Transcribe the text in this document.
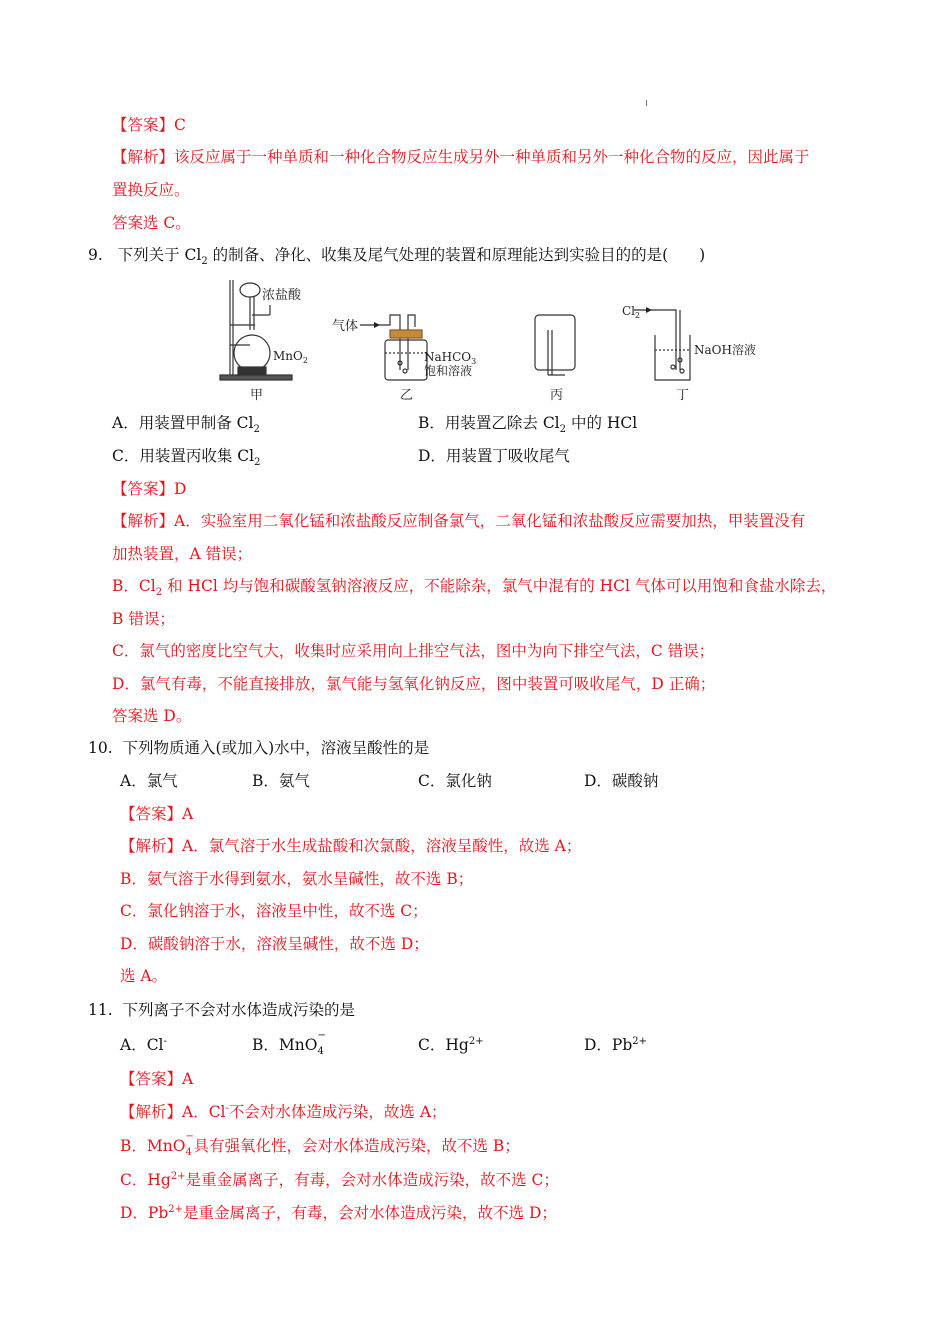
【答案】C
【解析】该反应属于一种单质和一种化合物反应生成另外一种单质和另外一种化合物的反应，因此属于
置换反应。
答案选 C。
9. 下列关于 $Cl_2$ 的制备、净化、收集及尾气处理的装置和原理能达到实验目的的是(　　)
浓盐酸
MnO$_2$
甲
气体
NaHCO$_3$
饱和溶液
乙	丙
$Cl_2$
NaOH溶液
丁
A．用装置甲制备 $Cl_2$	B．用装置乙除去 $Cl_2$ 中的 HCl
C．用装置丙收集 $Cl_2$	D．用装置丁吸收尾气
【答案】D
【解析】A．实验室用二氧化锰和浓盐酸反应制备氯气，二氧化锰和浓盐酸反应需要加热，甲装置没有
加热装置，A 错误；
B．$Cl_2$ 和 HCl 均与饱和碳酸氢钠溶液反应，不能除杂，氯气中混有的 HCl 气体可以用饱和食盐水除去，
B 错误；
C．氯气的密度比空气大，收集时应采用向上排空气法，图中为向下排空气法，C 错误；
D．氯气有毒，不能直接排放，氯气能与氢氧化钠反应，图中装置可吸收尾气，D 正确；
答案选 D。
10. 下列物质通入(或加入)水中，溶液呈酸性的是
A．氯气	B．氨气	C．氯化钠	D．碳酸钠
【答案】A
【解析】A．氯气溶于水生成盐酸和次氯酸，溶液呈酸性，故选 A；
B．氨气溶于水得到氨水，氨水呈碱性，故不选 B；
C．氯化钠溶于水，溶液呈中性，故不选 C；
D．碳酸钠溶于水，溶液呈碱性，故不选 D；
选 A。
11. 下列离子不会对水体造成污染的是
A．Cl-	B．MnO
−
4	C．$Hg^{2+}$	D．$Pb^{2+}$
【答案】A
【解析】A．Cl-不会对水体造成污染，故选 A；
B．MnO
−
4 具有强氧化性，会对水体造成污染，故不选 B；
C．$Hg^{2+}$是重金属离子，有毒，会对水体造成污染，故不选 C；
D．$Pb^{2+}$是重金属离子，有毒，会对水体造成污染，故不选 D；
